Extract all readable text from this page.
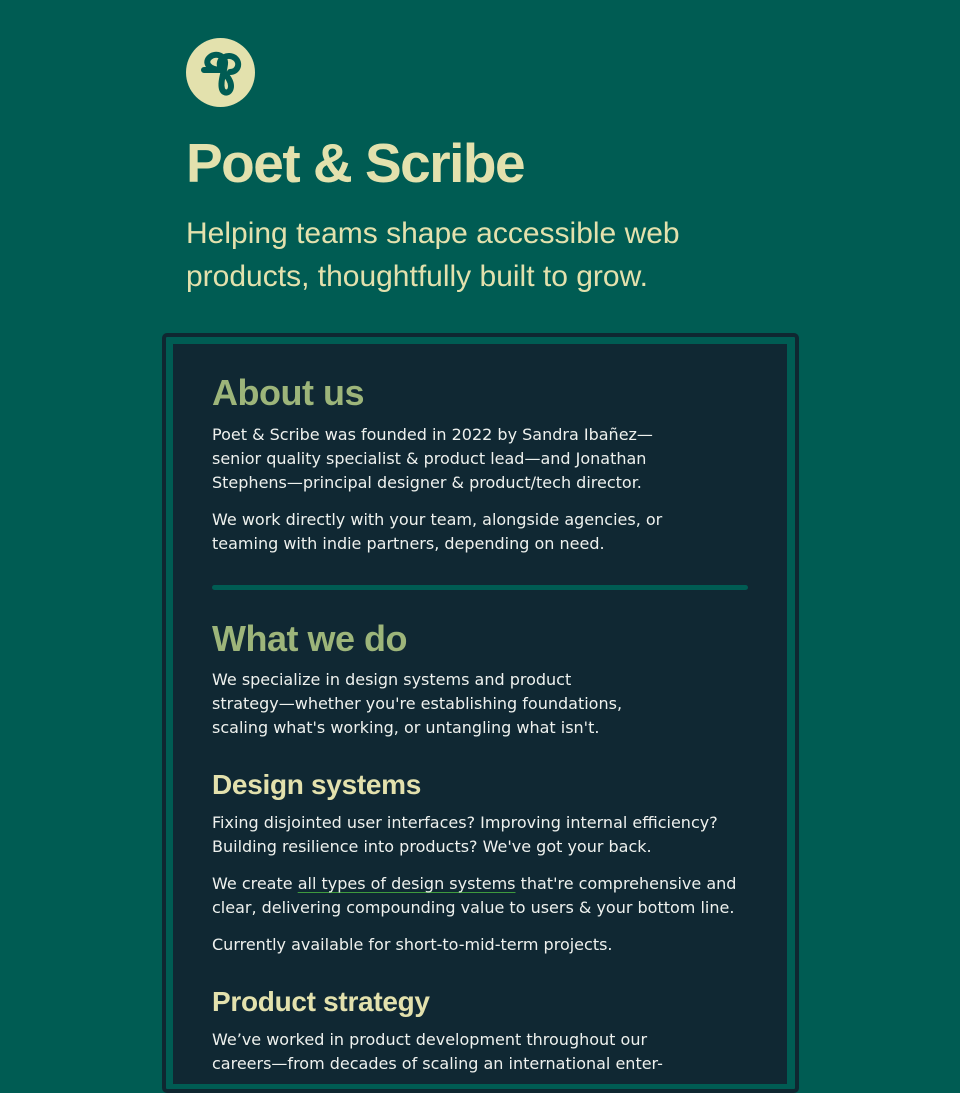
Poet & Scribe

Helping teams shape accessible web products, thoughtfully built to grow.

About us

Poet & Scribe was founded in 2022 by Sandra Ibañez—senior quality specialist & product lead—and Jonathan Stephens—principal designer & product/tech director.

We work directly with your team, alongside agencies, or teaming with indie partners, depending on need.

What we do

We specialize in design systems and product strategy—whether you're establishing foundations, scaling what's working, or untangling what isn't.

Design systems

Fixing disjointed user interfaces? Improving internal efficiency? Building resilience into products? We've got your back.

We create all types of design systems that're comprehensive and clear, delivering compounding value to users & your bottom line.

Currently available for short-to-mid-term projects.

Product strategy

We’ve worked in product development throughout our careers—from decades of scaling an international enter-
